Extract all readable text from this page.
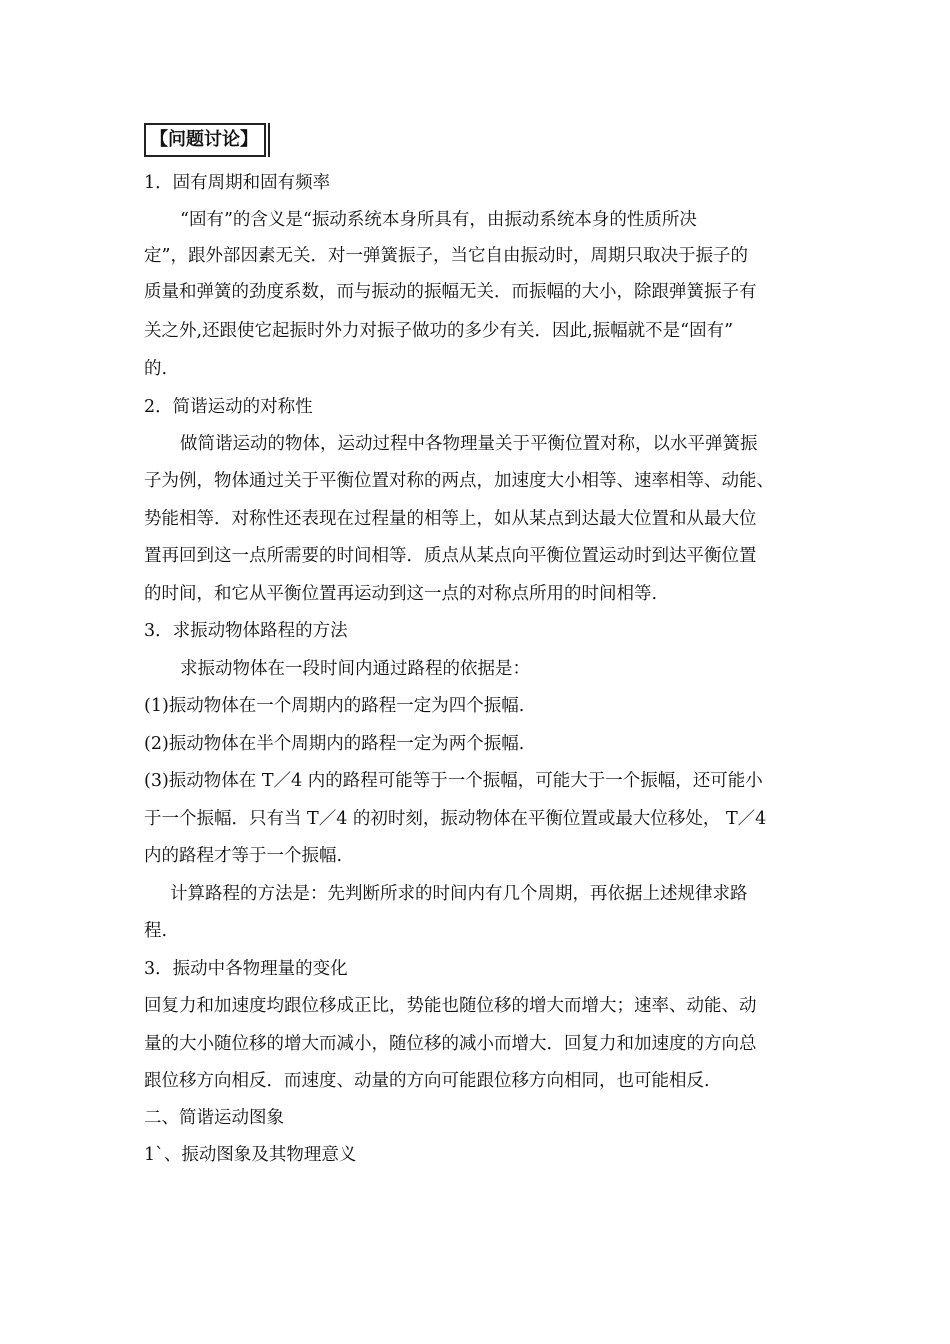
【问题讨论】
1．固有周期和固有频率
“固有”的含义是“振动系统本身所具有，由振动系统本身的性质所决
定”，跟外部因素无关．对一弹簧振子，当它自由振动时，周期只取决于振子的
质量和弹簧的劲度系数，而与振动的振幅无关．而振幅的大小，除跟弹簧振子有
关之外,还跟使它起振时外力对振子做功的多少有关．因此,振幅就不是“固有”
的.
2．简谐运动的对称性
做简谐运动的物体，运动过程中各物理量关于平衡位置对称，以水平弹簧振
子为例，物体通过关于平衡位置对称的两点，加速度大小相等、速率相等、动能、
势能相等．对称性还表现在过程量的相等上，如从某点到达最大位置和从最大位
置再回到这一点所需要的时间相等．质点从某点向平衡位置运动时到达平衡位置
的时间，和它从平衡位置再运动到这一点的对称点所用的时间相等.
3．求振动物体路程的方法
求振动物体在一段时间内通过路程的依据是：
(1)振动物体在一个周期内的路程一定为四个振幅.
(2)振动物体在半个周期内的路程一定为两个振幅.
(3)振动物体在 T／4 内的路程可能等于一个振幅，可能大于一个振幅，还可能小
于一个振幅．只有当 T／4 的初时刻，振动物体在平衡位置或最大位移处， T／4
内的路程才等于一个振幅.
计算路程的方法是：先判断所求的时间内有几个周期，再依据上述规律求路
程.
3．振动中各物理量的变化
回复力和加速度均跟位移成正比，势能也随位移的增大而增大；速率、动能、动
量的大小随位移的增大而减小，随位移的减小而增大．回复力和加速度的方向总
跟位移方向相反．而速度、动量的方向可能跟位移方向相同，也可能相反.
二、简谐运动图象
1`、振动图象及其物理意义
